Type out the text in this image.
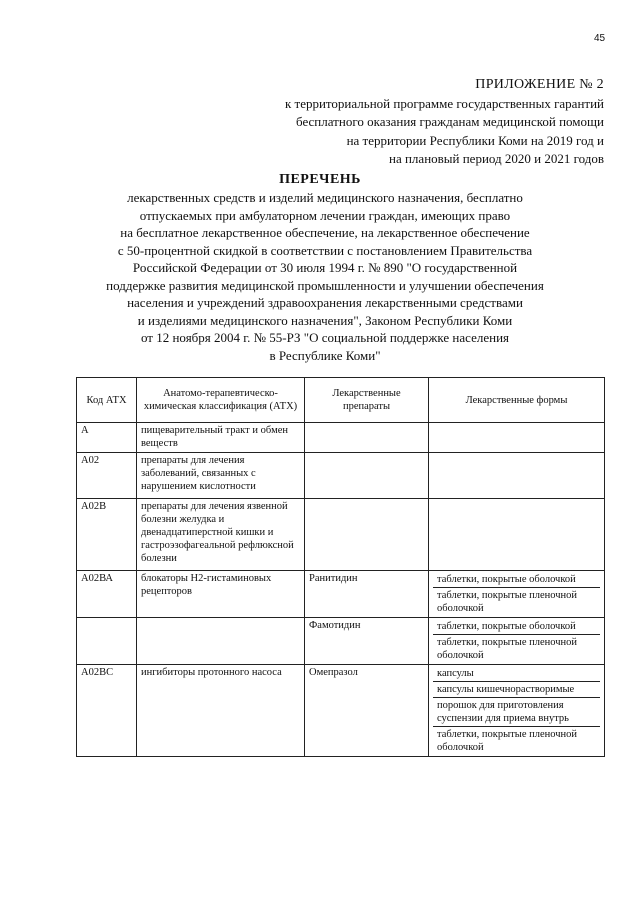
45
ПРИЛОЖЕНИЕ № 2
к территориальной программе государственных гарантий
бесплатного оказания гражданам медицинской помощи
на территории Республики Коми на 2019 год и
на плановый период 2020 и 2021 годов
ПЕРЕЧЕНЬ
лекарственных средств и изделий медицинского назначения, бесплатно
отпускаемых при амбулаторном лечении граждан, имеющих право
на бесплатное лекарственное обеспечение, на лекарственное обеспечение
с 50-процентной скидкой в соответствии с постановлением Правительства
Российской Федерации от 30 июля 1994 г. № 890 "О государственной
поддержке развития медицинской промышленности и улучшении обеспечения
населения и учреждений здравоохранения лекарственными средствами
и изделиями медицинского назначения", Законом Республики Коми
от 12 ноября 2004 г. № 55-РЗ "О социальной поддержке населения
в Республике Коми"
Код АТХ	Анатомо-терапевтическо-химическая классификация (АТХ)	Лекарственные препараты	Лекарственные формы
А	пищеварительный тракт и обмен веществ		
А02	препараты для лечения заболеваний, связанных с нарушением кислотности		
А02В	препараты для лечения язвенной болезни желудка и двенадцатиперстной кишки и гастроэзофагеальной рефлюксной болезни		
А02ВА	блокаторы Н2-гистаминовых рецепторов	Ранитидин	таблетки, покрытые оболочкой
таблетки, покрытые пленочной оболочкой

		Фамотидин	таблетки, покрытые оболочкой
таблетки, покрытые пленочной оболочкой

А02ВС	ингибиторы протонного насоса	Омепразол	капсулы
капсулы кишечнорастворимые
порошок для приготовления суспензии для приема внутрь
таблетки, покрытые пленочной оболочкой
